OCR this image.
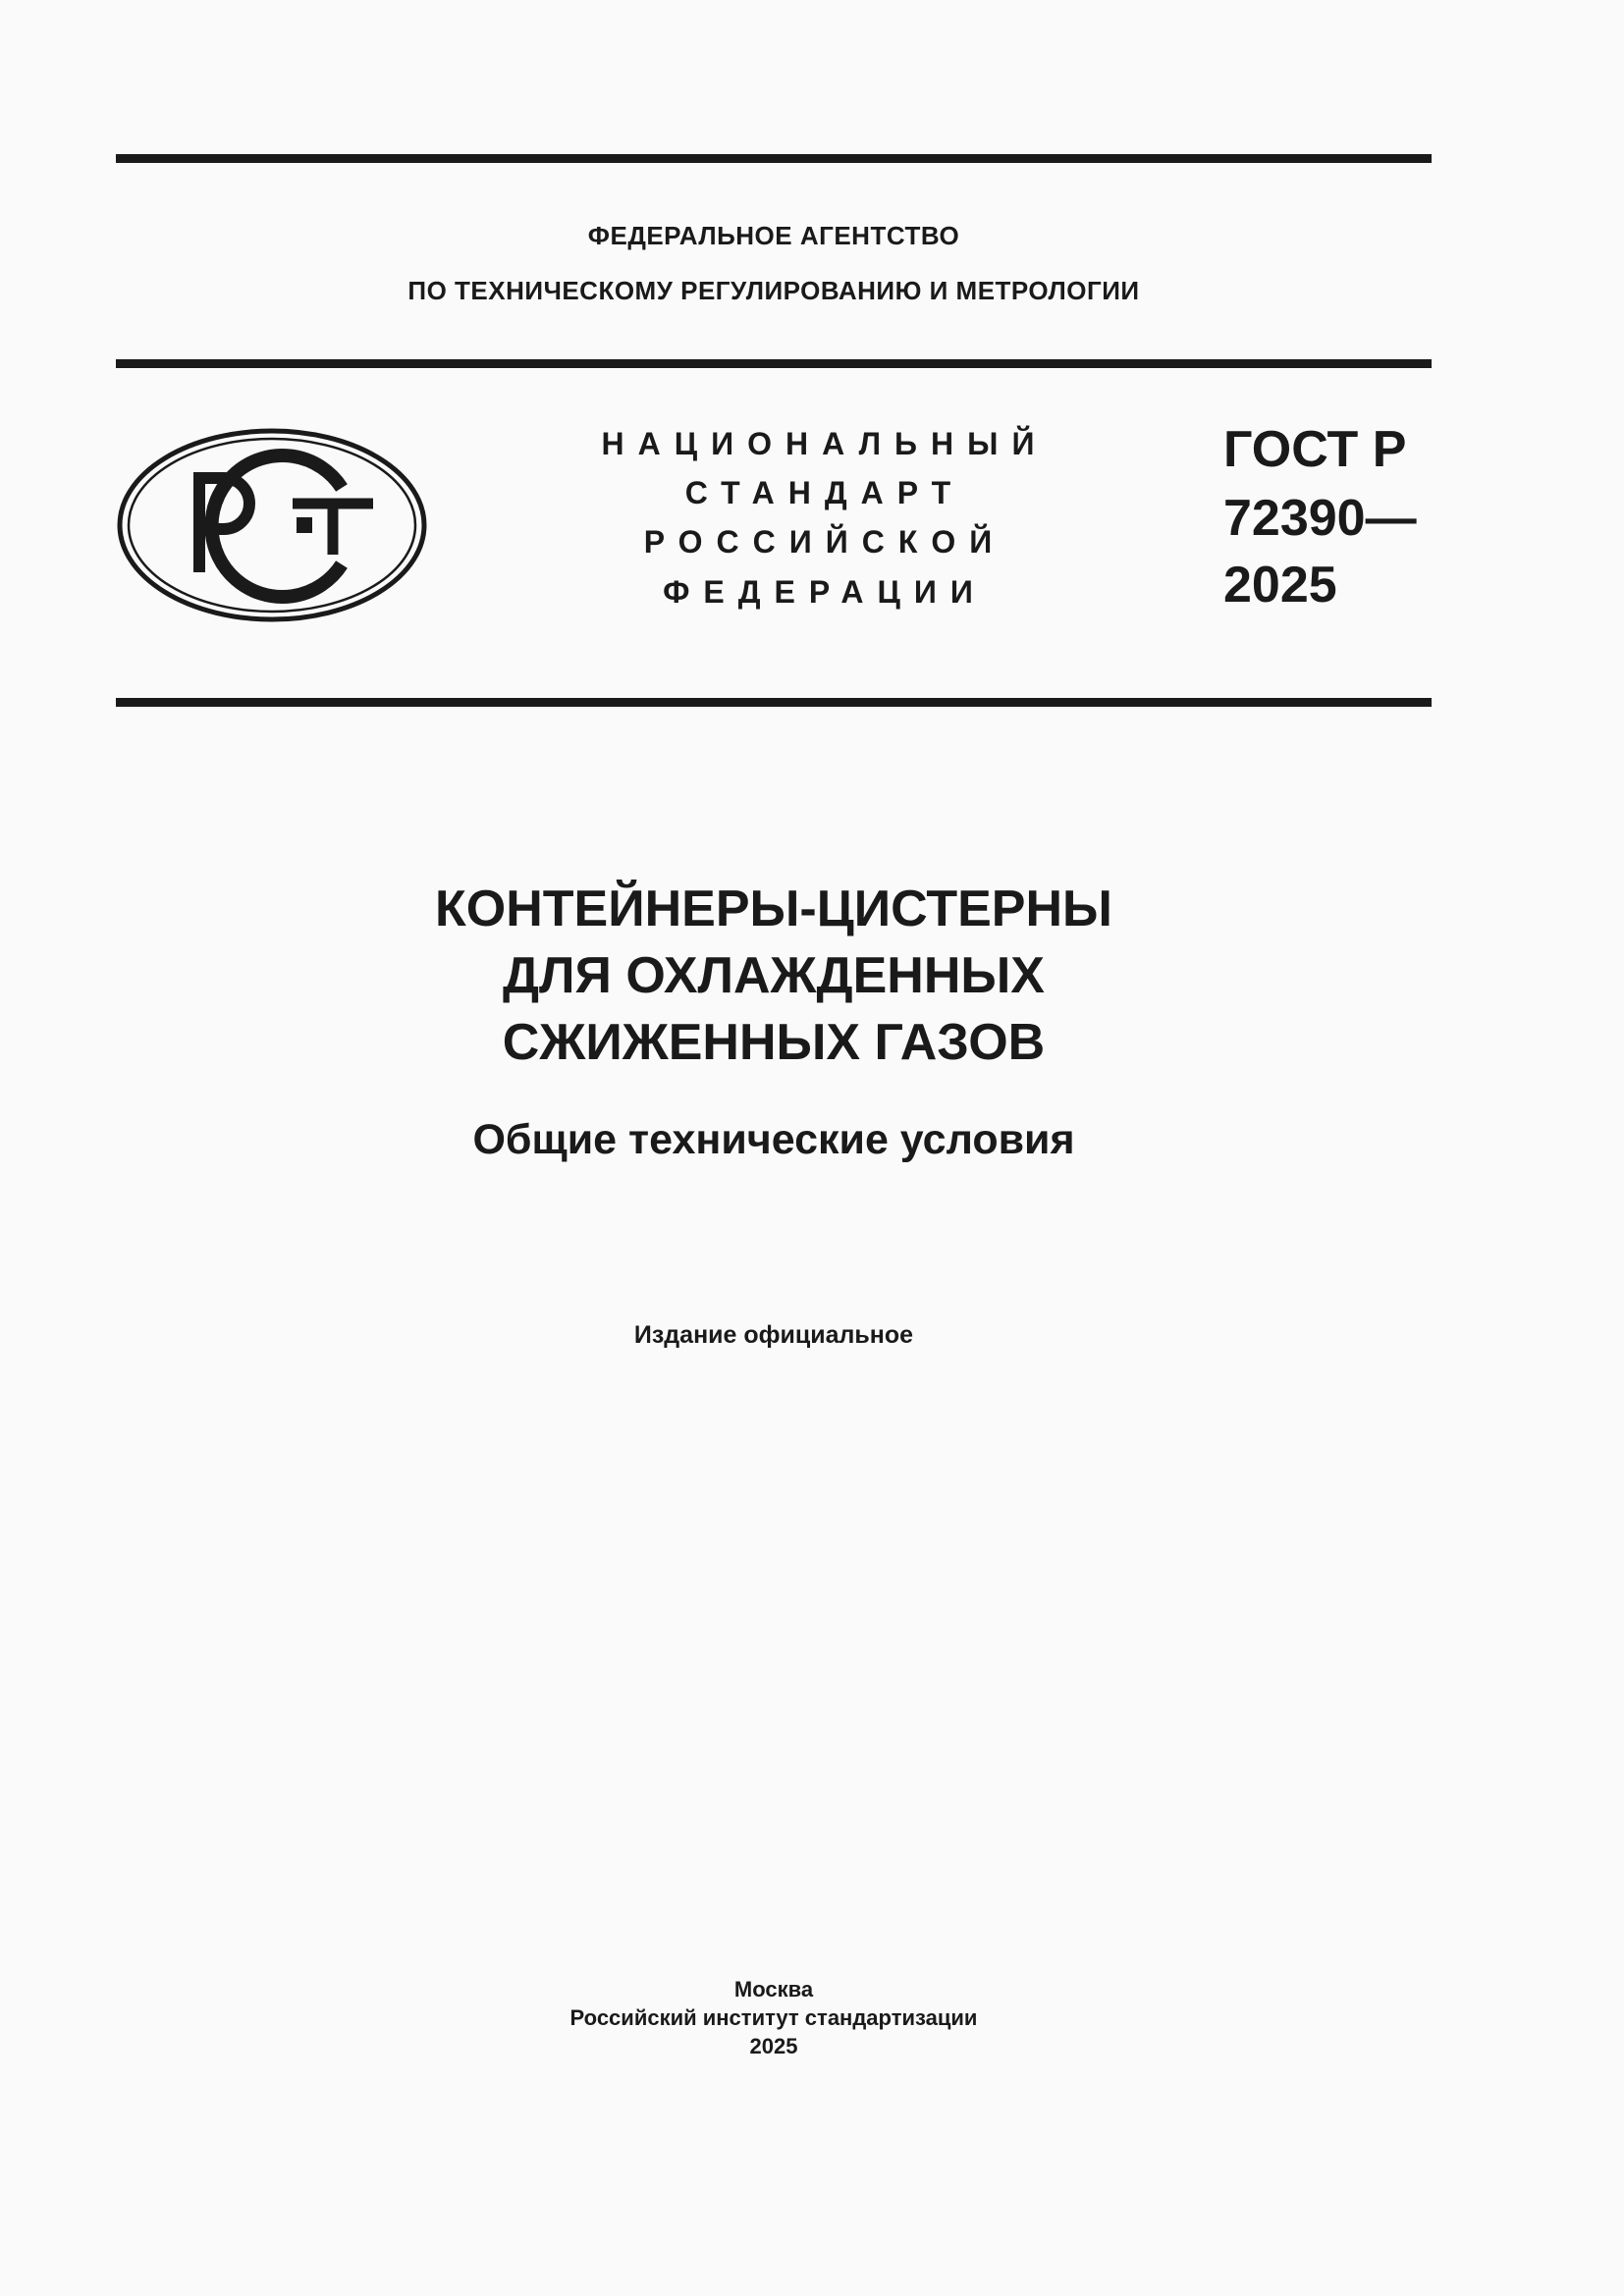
ФЕДЕРАЛЬНОЕ АГЕНТСТВО
ПО ТЕХНИЧЕСКОМУ РЕГУЛИРОВАНИЮ И МЕТРОЛОГИИ
НАЦИОНАЛЬНЫЙ
СТАНДАРТ
РОССИЙСКОЙ
ФЕДЕРАЦИИ
ГОСТ Р
72390—
2025
КОНТЕЙНЕРЫ-ЦИСТЕРНЫ
ДЛЯ ОХЛАЖДЕННЫХ
СЖИЖЕННЫХ ГАЗОВ
Общие технические условия
Издание официальное
Москва
Российский институт стандартизации
2025
